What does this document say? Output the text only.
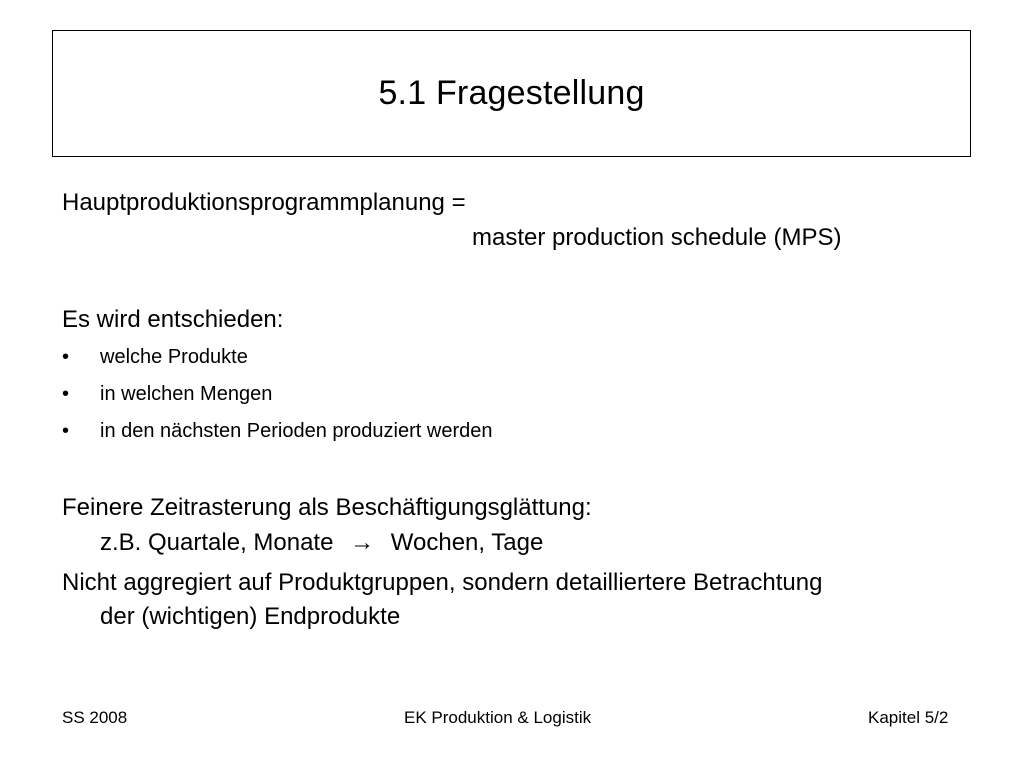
5.1 Fragestellung
Hauptproduktionsprogrammplanung =
master production schedule (MPS)
Es wird entschieden:
• welche Produkte
• in welchen Mengen
• in den nächsten Perioden produziert werden
Feinere Zeitrasterung als Beschäftigungsglättung:
z.B. Quartale, Monate → Wochen, Tage
Nicht aggregiert auf Produktgruppen, sondern detailliertere Betrachtung
der (wichtigen) Endprodukte
SS 2008	EK Produktion & Logistik	Kapitel 5/2
